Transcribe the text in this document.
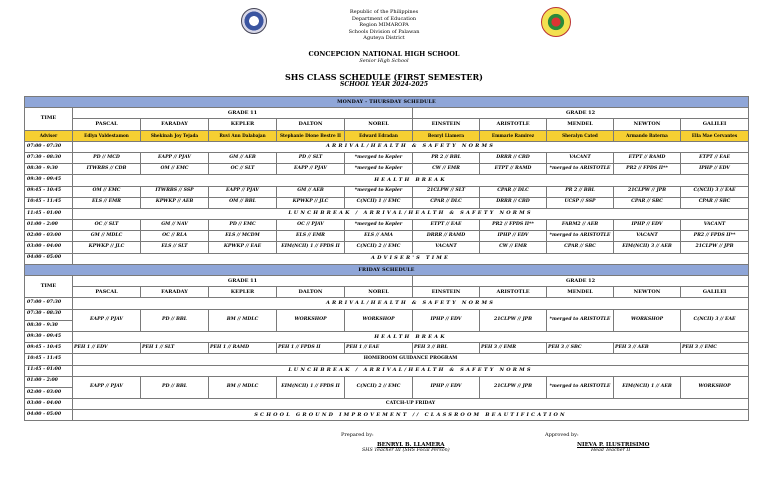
Republic of the Philippines
Department of Education
Region MIMAROPA
Schools Division of Palawan
Aguteya District
CONCEPCION NATIONAL HIGH SCHOOL
Senior High School
SHS CLASS SCHEDULE (FIRST SEMESTER)
SCHOOL YEAR 2024-2025
MONDAY - THURSDAY SCHEDULE										
TIME	GRADE 11					GRADE 12				
	PASCAL	FARADAY	KEPLER	DALTON	NOBEL	EINSTEIN	ARISTOTLE	MENDEL	NEWTON	GALILEI
Adviser	Edlyn Valdestamon	Shekinah Joy Tejada	Ruvi Ann Dalabajan	Stephanie Dione Bestre II	Edward Edradan	Benryl Llamera	Emmarie Ramirez	Sheralyn Cated	Armando Baterna	Ella Mae Cervantes
07:00 - 07:30	ARRIVAL/HEALTH & SAFETY NORMS									
07:30 - 08:30	PD // MCD	EAPP // PJAV	GM // AEB	PD // SLT	*merged to Kepler	PR 2 // BBL	DRRR // CBD	VACANT	ETPT // RAMD	ETPT // EAE
08:30 - 9:30	ITWRBS // CDB	OM // EMC	OC // SLT	EAPP // PJAV	*merged to Kepler	CW // EMR	ETPT // RAMD	*merged to ARISTOTLE	PR2 // FPDS II**	IPHP // EDV
09:30 - 09:45	HEALTH BREAK									
09:45 - 10:45	OM // EMC	ITWRBS // SSP	EAPP // PJAV	GM // AEB	*merged to Kepler	21CLPW // SLT	CPAR // DLC	PR 2 // BBL	21CLPW // JPB	C(NCII) 3 // EAE
10:45 - 11:45	ELS // EMR	KPWKP // AEB	OM // BBL	KPWKP // JLC	C(NCII) 1 // EMC	CPAR // DLC	DRRR // CBD	UCSP // SSP	CPAR // SBC	CPAR // SBC
11:45 - 01:00	LUNCHBREAK / ARRIVAL/HEALTH & SAFETY NORMS									
01:00 - 2:00	OC // SLT	GM // NAV	PD // EMC	OC // PJAV	*merged to Kepler	ETPT // EAE	PR2 // FPDS II**	FABM2 // AEB	IPHP // EDV	VACANT
02:00 - 03:00	GM // MDLC	OC // RLA	ELS // MCDM	ELS // EMR	ELS // AMA	DRRR // RAMD	IPHP // EDV	*merged to ARISTOTLE	VACANT	PR2 // FPDS II**
03:00 - 04:00	KPWKP // JLC	ELS // SLT	KPWKP // EAE	EIM(NCII) 1 // FPDS II	C(NCII) 2 // EMC	VACANT	CW // EMR	CPAR // SBC	EIM(NCII) 3 // AEB	21CLPW // JPB
04:00 - 05:00	ADVISER'S TIME									
FRIDAY SCHEDULE										
TIME	GRADE 11					GRADE 12				
	PASCAL	FARADAY	KEPLER	DALTON	NOBEL	EINSTEIN	ARISTOTLE	MENDEL	NEWTON	GALILEI
07:00 - 07:30	ARRIVAL/HEALTH & SAFETY NORMS									
07:30 - 08:30	EAPP // PJAV	PD // BBL	BM // MDLC	WORKSHOP	WORKSHOP	IPHP // EDV	21CLPW // JPB	*merged to ARISTOTLE	WORKSHOP	C(NCII) 3 // EAE
08:30 - 9:30										
09:30 - 09:45	HEALTH BREAK									
09:45 - 10:45	PEH 1 // EDV	PEH 1 // SLT	PEH 1 // RAMD	PEH 1 // FPDS II	PEH 1 // EAE	PEH 3 // BBL	PEH 3 // EMR	PEH 3 // SBC	PEH 3 // AEB	PEH 3 // EMC
10:45 - 11:45	HOMEROOM GUIDANCE PROGRAM									
11:45 - 01:00	LUNCHBREAK / ARRIVAL/HEALTH & SAFETY NORMS									
01:00 - 2:00	EAPP // PJAV	PD // BBL	BM // MDLC	EIM(NCII) 1 // FPDS II	C(NCII) 2 // EMC	IPHP // EDV	21CLPW // JPB	*merged to ARISTOTLE	EIM(NCII) 1 // AEB	WORKSHOP
02:00 - 03:00										
03:00 - 04:00	CATCH-UP FRIDAY									
04:00 - 05:00	SCHOOL GROUND IMPROVEMENT // CLASSROOM BEAUTIFICATION									
Prepared by:
BENRYL B. LLAMERA
SHS Teacher III (SHS Focal Person)
Approved by:
NIEVA P. ILUSTRISIMO
Head Teacher II
